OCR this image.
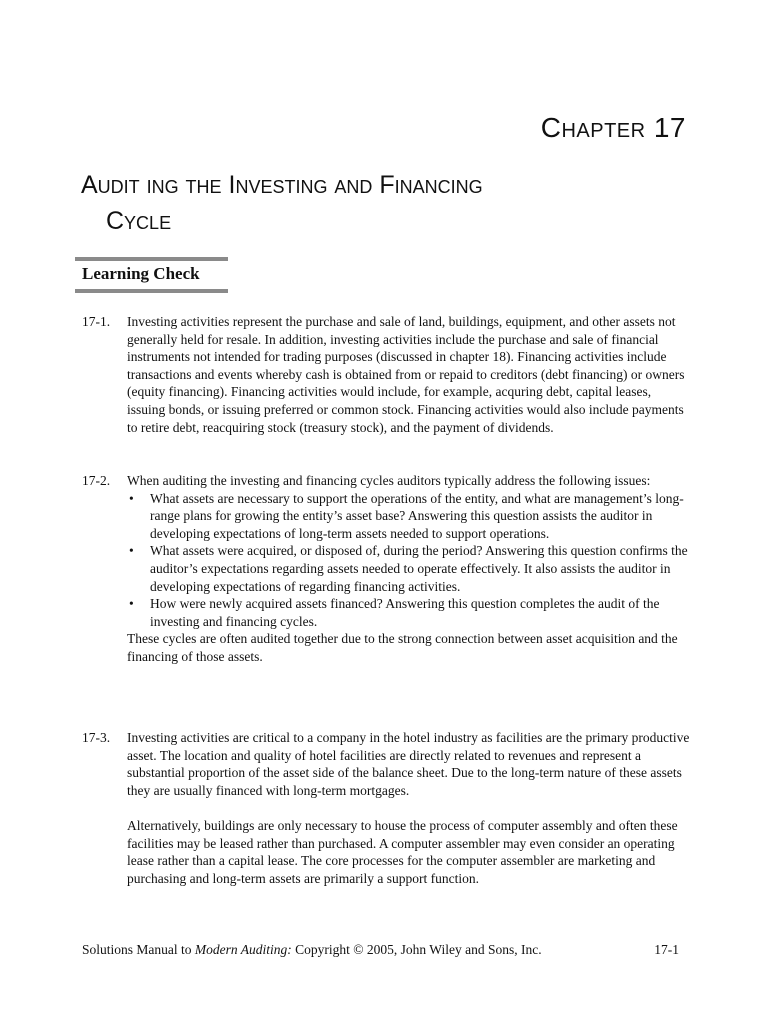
Chapter 17
Audit ing the Investing and Financing
Cycle
Learning Check
17-1. Investing activities represent the purchase and sale of land, buildings, equipment, and other assets not generally held for resale. In addition, investing activities include the purchase and sale of financial instruments not intended for trading purposes (discussed in chapter 18). Financing activities include transactions and events whereby cash is obtained from or repaid to creditors (debt financing) or owners (equity financing). Financing activities would include, for example, acquring debt, capital leases, issuing bonds, or issuing preferred or common stock. Financing activities would also include payments to retire debt, reacquiring stock (treasury stock), and the payment of dividends.

17-2. When auditing the investing and financing cycles auditors typically address the following issues:

• What assets are necessary to support the operations of the entity, and what are management’s long-range plans for growing the entity’s asset base? Answering this question assists the auditor in developing expectations of long-term assets needed to support operations.
• What assets were acquired, or disposed of, during the period? Answering this question confirms the auditor’s expectations regarding assets needed to operate effectively. It also assists the auditor in developing expectations of regarding financing activities.
• How were newly acquired assets financed? Answering this question completes the audit of the investing and financing cycles.

These cycles are often audited together due to the strong connection between asset acquisition and the financing of those assets.

17-3. Investing activities are critical to a company in the hotel industry as facilities are the primary productive asset. The location and quality of hotel facilities are directly related to revenues and represent a substantial proportion of the asset side of the balance sheet. Due to the long-term nature of these assets they are usually financed with long-term mortgages.

Alternatively, buildings are only necessary to house the process of computer assembly and often these facilities may be leased rather than purchased. A computer assembler may even consider an operating lease rather than a capital lease. The core processes for the computer assembler are marketing and purchasing and long-term assets are primarily a support function.

Solutions Manual to Modern Auditing: Copyright © 2005, John Wiley and Sons, Inc.	17-1
